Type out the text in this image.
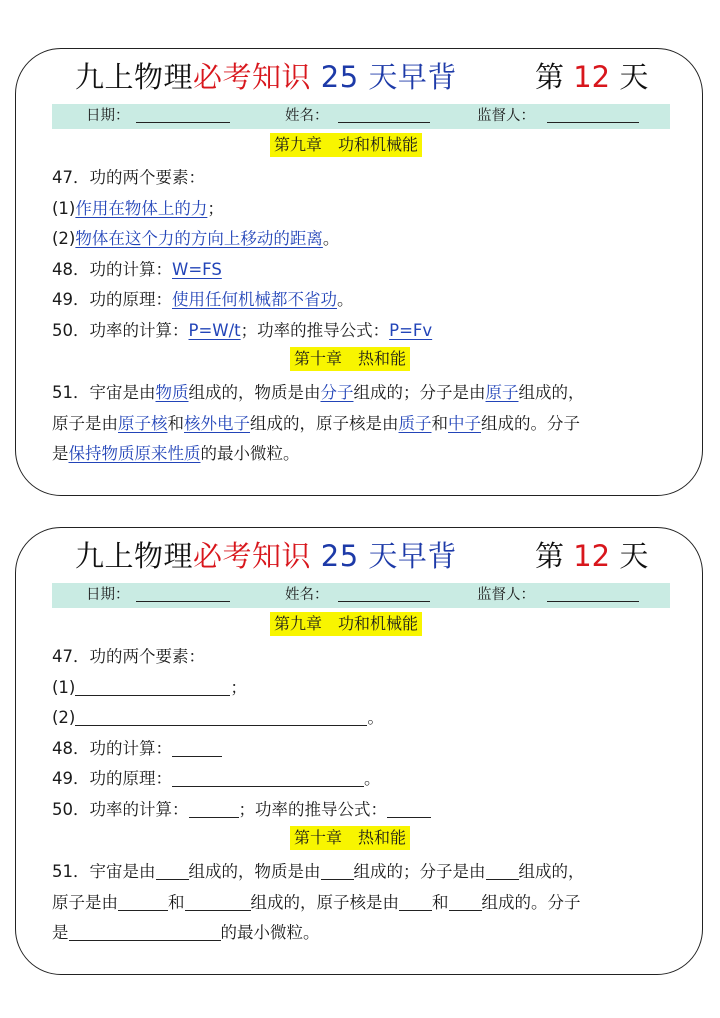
九上物理必考知识 25 天早背	第 12 天
日期：	姓名：	监督人：
第九章　功和机械能
47．功的两个要素：
(1)作用在物体上的力；
(2)物体在这个力的方向上移动的距离。
48．功的计算：W=FS
49．功的原理：使用任何机械都不省功。
50．功率的计算：P=W/t；功率的推导公式：P=Fv
第十章　热和能
51．宇宙是由物质组成的，物质是由分子组成的；分子是由原子组成的，
原子是由原子核和核外电子组成的，原子核是由质子和中子组成的。分子
是保持物质原来性质的最小微粒。
九上物理必考知识 25 天早背	第 12 天
日期：	姓名：	监督人：
第九章　功和机械能
47．功的两个要素：
(1)	；
(2)	。
48．功的计算：
49．功的原理：	。
50．功率的计算：	；功率的推导公式：
第十章　热和能
51．宇宙是由 组成的，物质是由 组成的；分子是由 组成的，
原子是由	和	组成的，原子核是由 和 组成的。分子
是	的最小微粒。
